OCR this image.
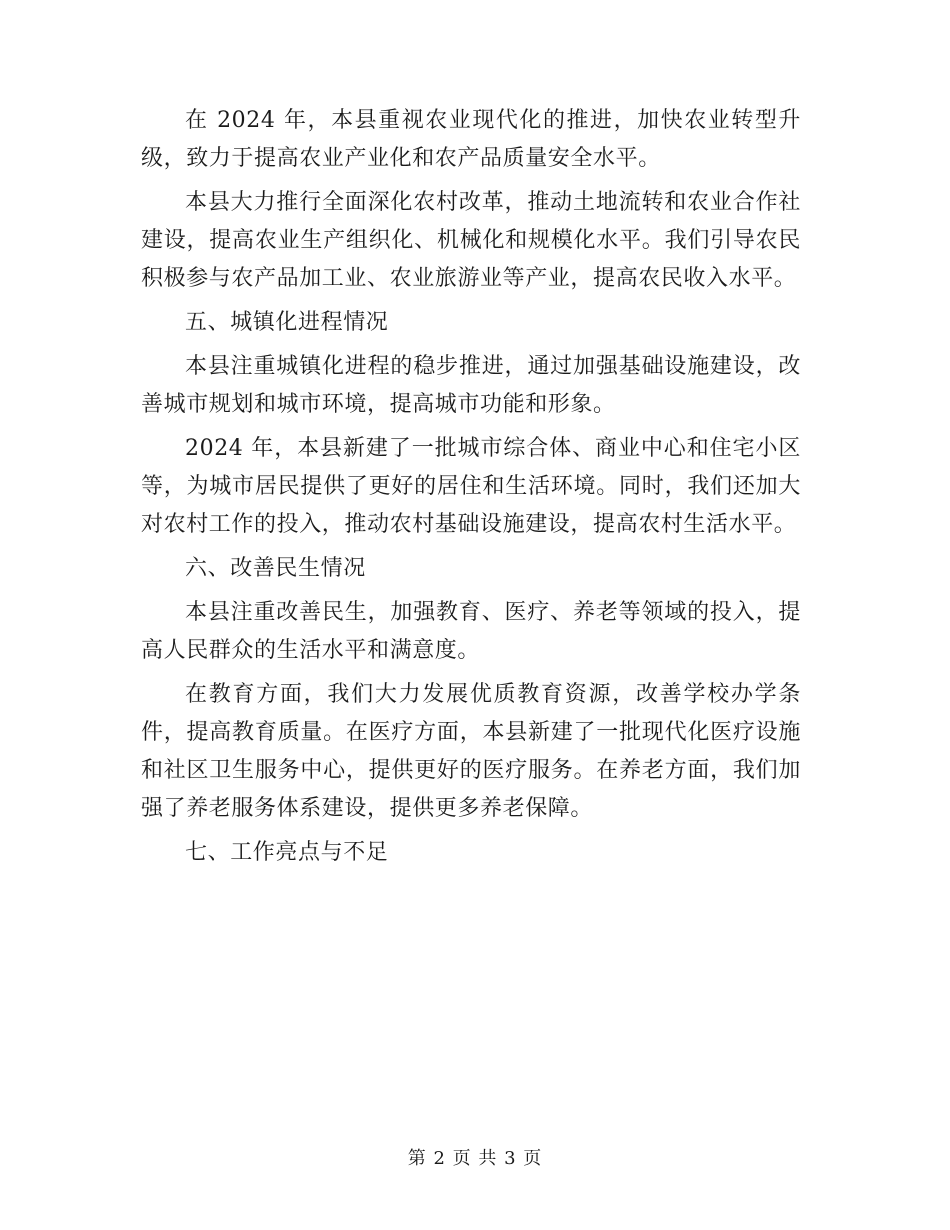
在 2024 年，本县重视农业现代化的推进，加快农业转型升级，致力于提高农业产业化和农产品质量安全水平。

本县大力推行全面深化农村改革，推动土地流转和农业合作社建设，提高农业生产组织化、机械化和规模化水平。我们引导农民积极参与农产品加工业、农业旅游业等产业，提高农民收入水平。

五、城镇化进程情况

本县注重城镇化进程的稳步推进，通过加强基础设施建设，改善城市规划和城市环境，提高城市功能和形象。

2024 年，本县新建了一批城市综合体、商业中心和住宅小区等，为城市居民提供了更好的居住和生活环境。同时，我们还加大对农村工作的投入，推动农村基础设施建设，提高农村生活水平。

六、改善民生情况

本县注重改善民生，加强教育、医疗、养老等领域的投入，提高人民群众的生活水平和满意度。

在教育方面，我们大力发展优质教育资源，改善学校办学条件，提高教育质量。在医疗方面，本县新建了一批现代化医疗设施和社区卫生服务中心，提供更好的医疗服务。在养老方面，我们加强了养老服务体系建设，提供更多养老保障。

七、工作亮点与不足

第 2 页 共 3 页
